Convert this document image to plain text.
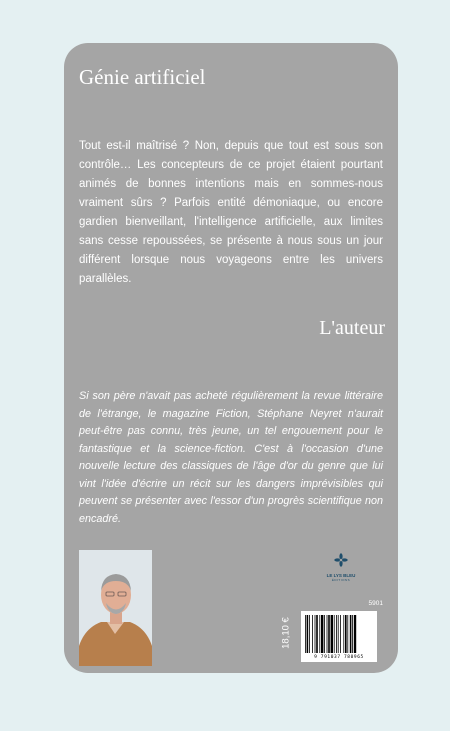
Génie artificiel
Tout est-il maîtrisé ? Non, depuis que tout est sous son contrôle… Les concepteurs de ce projet étaient pourtant animés de bonnes intentions mais en sommes-nous vraiment sûrs ? Parfois entité démoniaque, ou encore gardien bienveillant, l'intelligence artificielle, aux limites sans cesse repoussées, se présente à nous sous un jour différent lorsque nous voyageons entre les univers parallèles.
L'auteur
Si son père n'avait pas acheté régulièrement la revue littéraire de l'étrange, le magazine Fiction, Stéphane Neyret n'aurait peut-être pas connu, très jeune, un tel engouement pour le fantastique et la science-fiction. C'est à l'occasion d'une nouvelle lecture des classiques de l'âge d'or du genre que lui vint l'idée d'écrire un récit sur les dangers imprévisibles qui peuvent se présenter avec l'essor d'un progrès scientifique non encadré.
LE LYS BLEU
ÉDITIONS
5901
18,10 €
9 791037 780965
